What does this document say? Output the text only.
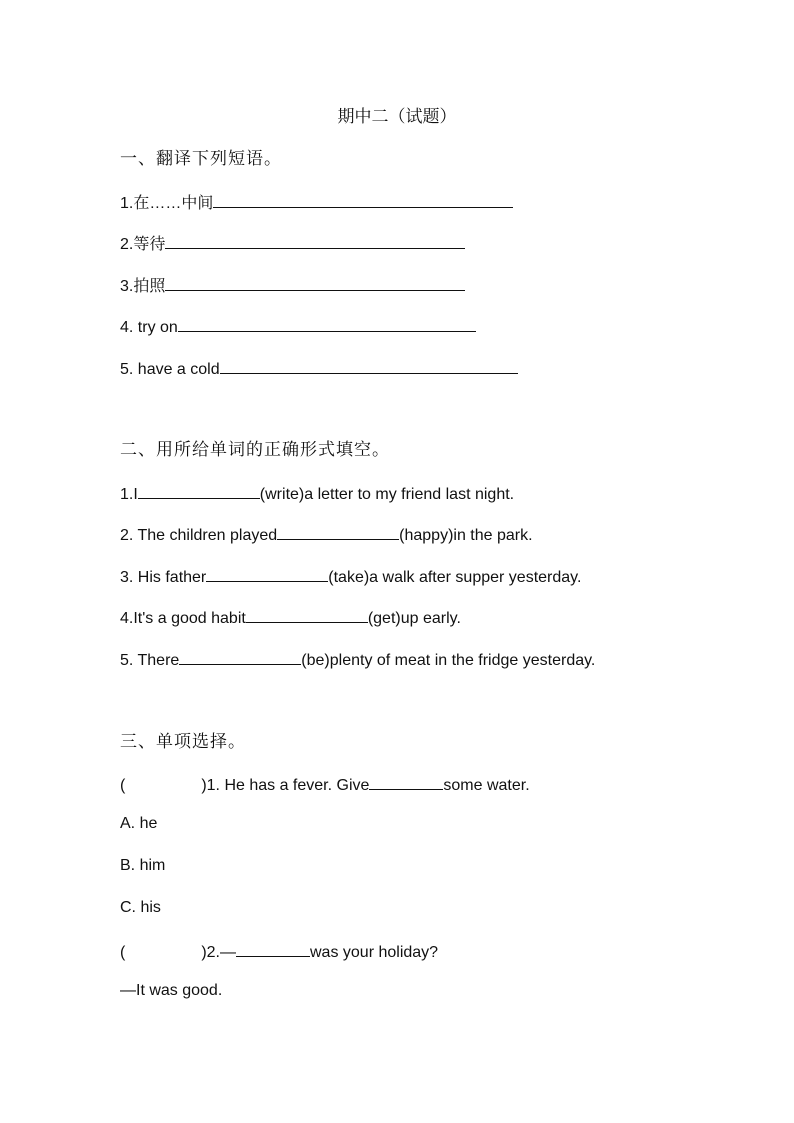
期中二（试题）
一、翻译下列短语。
1.在……中间
2.等待
3.拍照
4. try on
5. have a cold
二、用所给单词的正确形式填空。
1.I	(write)a letter to my friend last night.
2. The children played	(happy)in the park.
3. His father	(take)a walk after supper yesterday.
4.It's a good habit	(get)up early.
5. There	(be)plenty of meat in the fridge yesterday.
三、单项选择。
(	)1. He has a fever. Give	some water.
A. he
B. him
C. his
(	)2.—	was your holiday?
—It was good.
